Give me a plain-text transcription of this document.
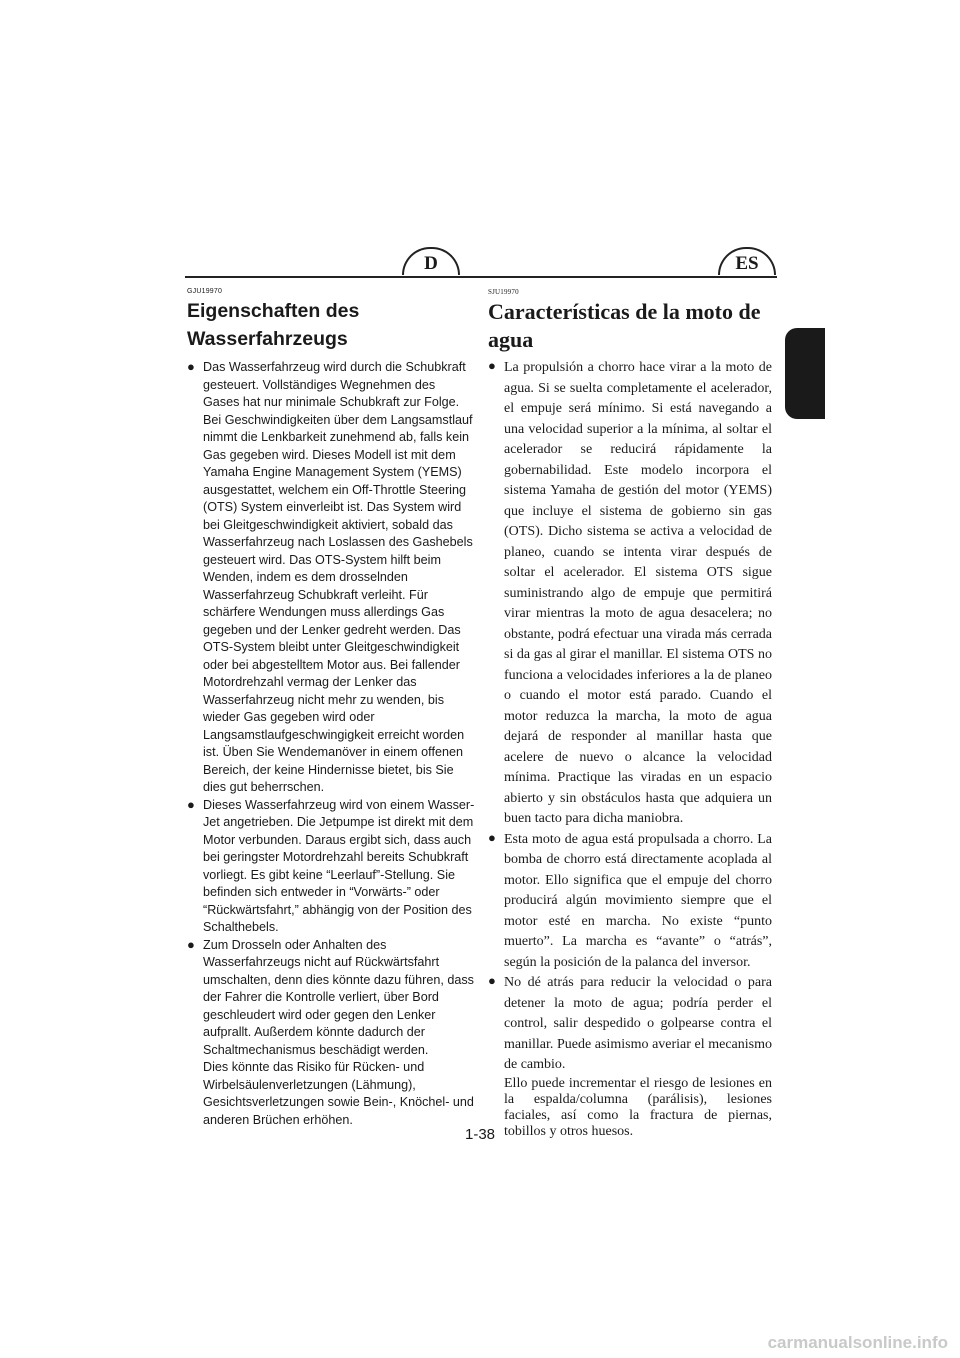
D	ES
GJU19970
Eigenschaften des Wasserfahrzeugs
● Das Wasserfahrzeug wird durch die Schubkraft gesteuert. Vollständiges Wegnehmen des Gases hat nur minimale Schubkraft zur Folge. Bei Geschwindigkeiten über dem Langsamstlauf nimmt die Lenkbarkeit zunehmend ab, falls kein Gas gegeben wird. Dieses Modell ist mit dem Yamaha Engine Management System (YEMS) ausgestattet, welchem ein Off-Throttle Steering (OTS) System einverleibt ist. Das System wird bei Gleitgeschwindigkeit aktiviert, sobald das Wasserfahrzeug nach Loslassen des Gashebels gesteuert wird. Das OTS-System hilft beim Wenden, indem es dem drosselnden Wasserfahrzeug Schubkraft verleiht. Für schärfere Wendungen muss allerdings Gas gegeben und der Lenker gedreht werden. Das OTS-System bleibt unter Gleitgeschwindigkeit oder bei abgestelltem Motor aus. Bei fallender Motordrehzahl vermag der Lenker das Wasserfahrzeug nicht mehr zu wenden, bis wieder Gas gegeben wird oder Langsamstlaufgeschwingigkeit erreicht worden ist. Üben Sie Wendemanöver in einem offenen Bereich, der keine Hindernisse bietet, bis Sie dies gut beherrschen.

● Dieses Wasserfahrzeug wird von einem Wasser-Jet angetrieben. Die Jetpumpe ist direkt mit dem Motor verbunden. Daraus ergibt sich, dass auch bei geringster Motordrehzahl bereits Schubkraft vorliegt. Es gibt keine “Leerlauf”-Stellung. Sie befinden sich entweder in “Vorwärts-” oder “Rückwärtsfahrt,” abhängig von der Position des Schalthebels.

● Zum Drosseln oder Anhalten des Wasserfahrzeugs nicht auf Rückwärtsfahrt umschalten, denn dies könnte dazu führen, dass der Fahrer die Kontrolle verliert, über Bord geschleudert wird oder gegen den Lenker aufprallt. Außerdem könnte dadurch der Schaltmechanismus beschädigt werden.

Dies könnte das Risiko für Rücken- und Wirbelsäulenverletzungen (Lähmung), Gesichtsverletzungen sowie Bein-, Knöchel- und anderen Brüchen erhöhen.

SJU19970
Características de la moto de agua
● La propulsión a chorro hace virar a la moto de agua. Si se suelta completamente el acelerador, el empuje será mínimo. Si está navegando a una velocidad superior a la mínima, al soltar el acelerador se reducirá rápidamente la gobernabilidad. Este modelo incorpora el sistema Yamaha de gestión del motor (YEMS) que incluye el sistema de gobierno sin gas (OTS). Dicho sistema se activa a velocidad de planeo, cuando se intenta virar después de soltar el acelerador. El sistema OTS sigue suministrando algo de empuje que permitirá virar mientras la moto de agua desacelera; no obstante, podrá efectuar una virada más cerrada si da gas al girar el manillar. El sistema OTS no funciona a velocidades inferiores a la de planeo o cuando el motor está parado. Cuando el motor reduzca la marcha, la moto de agua dejará de responder al manillar hasta que acelere de nuevo o alcance la velocidad mínima. Practique las viradas en un espacio abierto y sin obstáculos hasta que adquiera un buen tacto para dicha maniobra.

● Esta moto de agua está propulsada a chorro. La bomba de chorro está directamente acoplada al motor. Ello significa que el empuje del chorro producirá algún movimiento siempre que el motor esté en marcha. No existe “punto muerto”. La marcha es “avante” o “atrás”, según la posición de la palanca del inversor.

● No dé atrás para reducir la velocidad o para detener la moto de agua; podría perder el control, salir despedido o golpearse contra el manillar. Puede asimismo averiar el mecanismo de cambio.

Ello puede incrementar el riesgo de lesiones en la espalda/columna (parálisis), lesiones faciales, así como la fractura de piernas, tobillos y otros huesos.

1-38
carmanualsonline.info
